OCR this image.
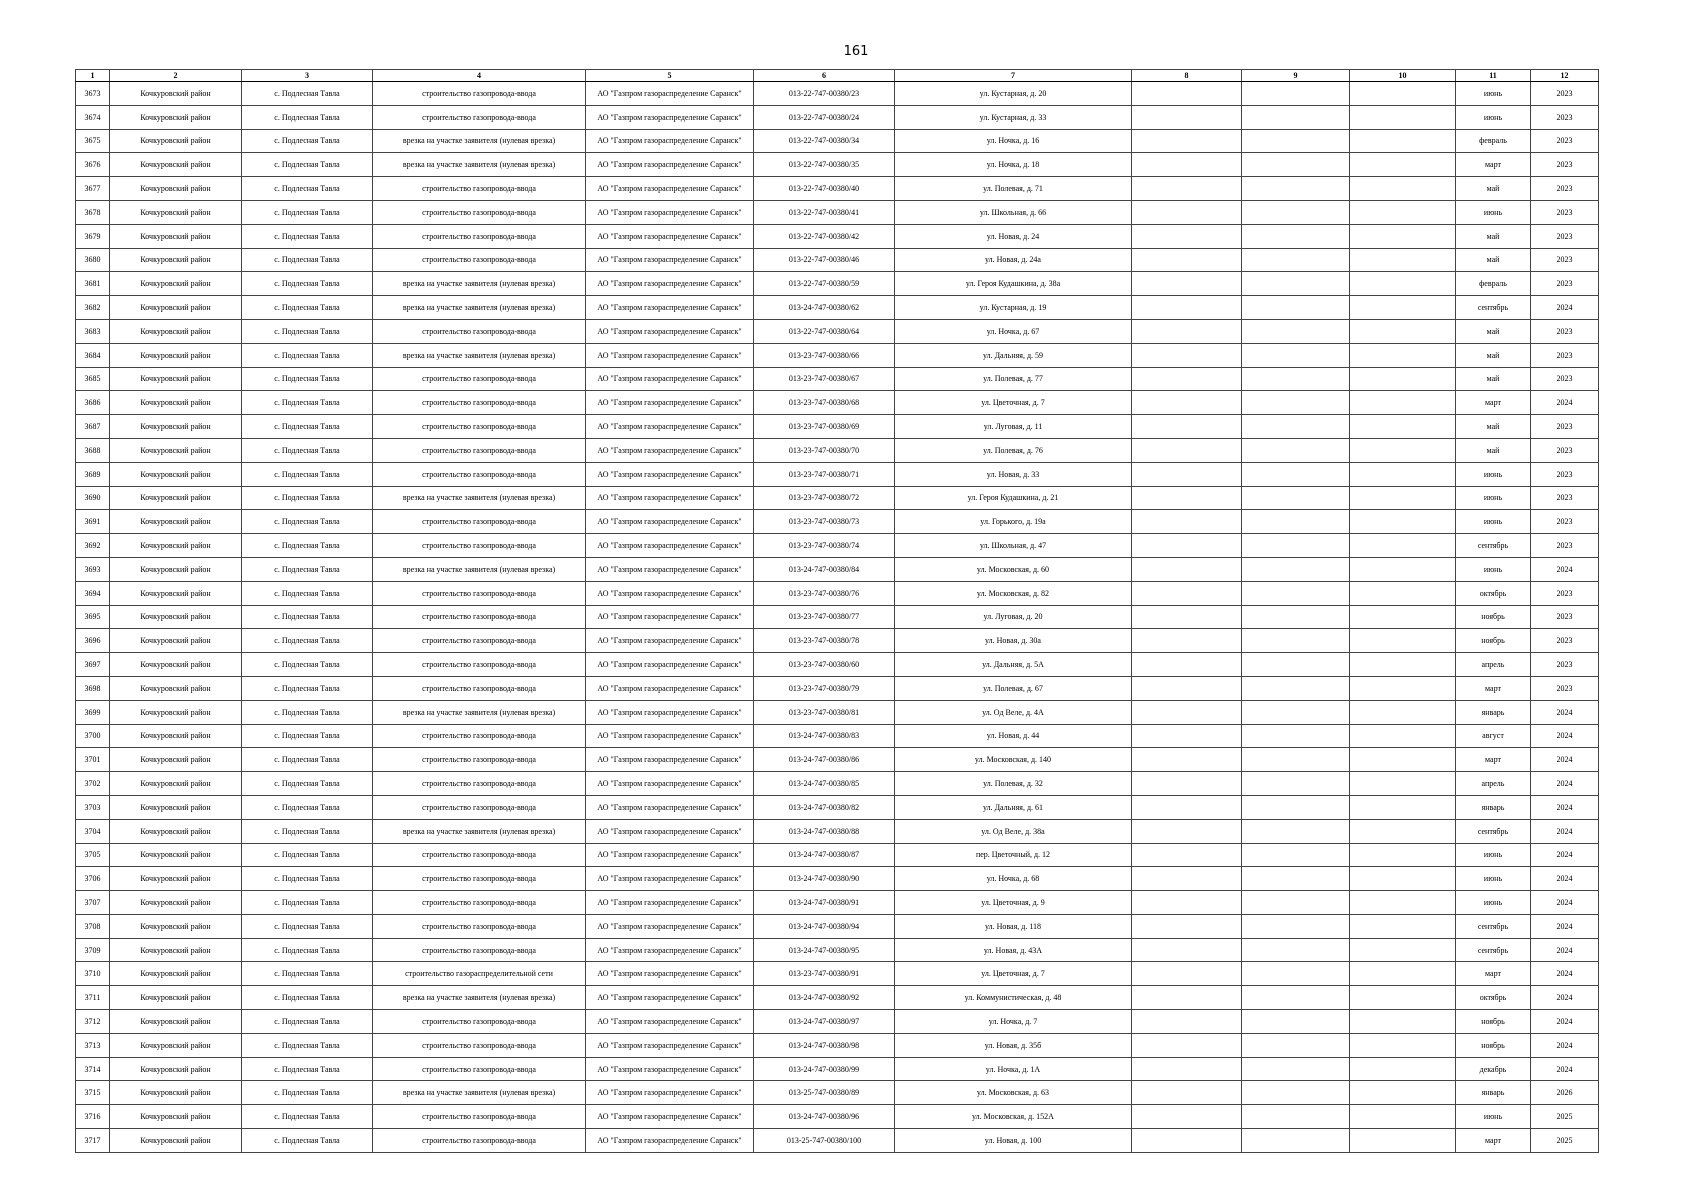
161
1	2	3	4	5	6	7	8	9	10	11	12
3673	Кочкуровский район	с. Подлесная Тавла	строительство газопровода-ввода	АО "Газпром газораспределение Саранск"	013-22-747-00380/23	ул. Кустарная, д. 20				июнь	2023
3674	Кочкуровский район	с. Подлесная Тавла	строительство газопровода-ввода	АО "Газпром газораспределение Саранск"	013-22-747-00380/24	ул. Кустарная, д. 33				июнь	2023
3675	Кочкуровский район	с. Подлесная Тавла	врезка на участке заявителя (нулевая врезка)	АО "Газпром газораспределение Саранск"	013-22-747-00380/34	ул. Ночка, д. 16				февраль	2023
3676	Кочкуровский район	с. Подлесная Тавла	врезка на участке заявителя (нулевая врезка)	АО "Газпром газораспределение Саранск"	013-22-747-00380/35	ул. Ночка, д. 18				март	2023
3677	Кочкуровский район	с. Подлесная Тавла	строительство газопровода-ввода	АО "Газпром газораспределение Саранск"	013-22-747-00380/40	ул. Полевая, д. 71				май	2023
3678	Кочкуровский район	с. Подлесная Тавла	строительство газопровода-ввода	АО "Газпром газораспределение Саранск"	013-22-747-00380/41	ул. Школьная, д. 66				июнь	2023
3679	Кочкуровский район	с. Подлесная Тавла	строительство газопровода-ввода	АО "Газпром газораспределение Саранск"	013-22-747-00380/42	ул. Новая, д. 24				май	2023
3680	Кочкуровский район	с. Подлесная Тавла	строительство газопровода-ввода	АО "Газпром газораспределение Саранск"	013-22-747-00380/46	ул. Новая, д. 24а				май	2023
3681	Кочкуровский район	с. Подлесная Тавла	врезка на участке заявителя (нулевая врезка)	АО "Газпром газораспределение Саранск"	013-22-747-00380/59	ул. Героя Кудашкина, д. 38а				февраль	2023
3682	Кочкуровский район	с. Подлесная Тавла	врезка на участке заявителя (нулевая врезка)	АО "Газпром газораспределение Саранск"	013-24-747-00380/62	ул. Кустарная, д. 19				сентябрь	2024
3683	Кочкуровский район	с. Подлесная Тавла	строительство газопровода-ввода	АО "Газпром газораспределение Саранск"	013-22-747-00380/64	ул. Ночка, д. 67				май	2023
3684	Кочкуровский район	с. Подлесная Тавла	врезка на участке заявителя (нулевая врезка)	АО "Газпром газораспределение Саранск"	013-23-747-00380/66	ул. Дальняя, д. 59				май	2023
3685	Кочкуровский район	с. Подлесная Тавла	строительство газопровода-ввода	АО "Газпром газораспределение Саранск"	013-23-747-00380/67	ул. Полевая, д. 77				май	2023
3686	Кочкуровский район	с. Подлесная Тавла	строительство газопровода-ввода	АО "Газпром газораспределение Саранск"	013-23-747-00380/68	ул. Цветочная, д. 7				март	2024
3687	Кочкуровский район	с. Подлесная Тавла	строительство газопровода-ввода	АО "Газпром газораспределение Саранск"	013-23-747-00380/69	ул. Луговая, д. 11				май	2023
3688	Кочкуровский район	с. Подлесная Тавла	строительство газопровода-ввода	АО "Газпром газораспределение Саранск"	013-23-747-00380/70	ул. Полевая, д. 76				май	2023
3689	Кочкуровский район	с. Подлесная Тавла	строительство газопровода-ввода	АО "Газпром газораспределение Саранск"	013-23-747-00380/71	ул. Новая, д. 33				июнь	2023
3690	Кочкуровский район	с. Подлесная Тавла	врезка на участке заявителя (нулевая врезка)	АО "Газпром газораспределение Саранск"	013-23-747-00380/72	ул. Героя Кудашкина, д. 21				июнь	2023
3691	Кочкуровский район	с. Подлесная Тавла	строительство газопровода-ввода	АО "Газпром газораспределение Саранск"	013-23-747-00380/73	ул. Горького, д. 19а				июнь	2023
3692	Кочкуровский район	с. Подлесная Тавла	строительство газопровода-ввода	АО "Газпром газораспределение Саранск"	013-23-747-00380/74	ул. Школьная, д. 47				сентябрь	2023
3693	Кочкуровский район	с. Подлесная Тавла	врезка на участке заявителя (нулевая врезка)	АО "Газпром газораспределение Саранск"	013-24-747-00380/84	ул. Московская, д. 60				июнь	2024
3694	Кочкуровский район	с. Подлесная Тавла	строительство газопровода-ввода	АО "Газпром газораспределение Саранск"	013-23-747-00380/76	ул. Московская, д. 82				октябрь	2023
3695	Кочкуровский район	с. Подлесная Тавла	строительство газопровода-ввода	АО "Газпром газораспределение Саранск"	013-23-747-00380/77	ул. Луговая, д. 20				ноябрь	2023
3696	Кочкуровский район	с. Подлесная Тавла	строительство газопровода-ввода	АО "Газпром газораспределение Саранск"	013-23-747-00380/78	ул. Новая, д. 30а				ноябрь	2023
3697	Кочкуровский район	с. Подлесная Тавла	строительство газопровода-ввода	АО "Газпром газораспределение Саранск"	013-23-747-00380/60	ул. Дальняя, д. 5А				апрель	2023
3698	Кочкуровский район	с. Подлесная Тавла	строительство газопровода-ввода	АО "Газпром газораспределение Саранск"	013-23-747-00380/79	ул. Полевая, д. 67				март	2023
3699	Кочкуровский район	с. Подлесная Тавла	врезка на участке заявителя (нулевая врезка)	АО "Газпром газораспределение Саранск"	013-23-747-00380/81	ул. Од Веле, д. 4А				январь	2024
3700	Кочкуровский район	с. Подлесная Тавла	строительство газопровода-ввода	АО "Газпром газораспределение Саранск"	013-24-747-00380/83	ул. Новая, д. 44				август	2024
3701	Кочкуровский район	с. Подлесная Тавла	строительство газопровода-ввода	АО "Газпром газораспределение Саранск"	013-24-747-00380/86	ул. Московская, д. 140				март	2024
3702	Кочкуровский район	с. Подлесная Тавла	строительство газопровода-ввода	АО "Газпром газораспределение Саранск"	013-24-747-00380/85	ул. Полевая, д. 32				апрель	2024
3703	Кочкуровский район	с. Подлесная Тавла	строительство газопровода-ввода	АО "Газпром газораспределение Саранск"	013-24-747-00380/82	ул. Дальняя, д. 61				январь	2024
3704	Кочкуровский район	с. Подлесная Тавла	врезка на участке заявителя (нулевая врезка)	АО "Газпром газораспределение Саранск"	013-24-747-00380/88	ул. Од Веле, д. 38а				сентябрь	2024
3705	Кочкуровский район	с. Подлесная Тавла	строительство газопровода-ввода	АО "Газпром газораспределение Саранск"	013-24-747-00380/87	пер. Цветочный, д. 12				июнь	2024
3706	Кочкуровский район	с. Подлесная Тавла	строительство газопровода-ввода	АО "Газпром газораспределение Саранск"	013-24-747-00380/90	ул. Ночка, д. 68				июнь	2024
3707	Кочкуровский район	с. Подлесная Тавла	строительство газопровода-ввода	АО "Газпром газораспределение Саранск"	013-24-747-00380/91	ул. Цветочная, д. 9				июнь	2024
3708	Кочкуровский район	с. Подлесная Тавла	строительство газопровода-ввода	АО "Газпром газораспределение Саранск"	013-24-747-00380/94	ул. Новая, д. 118				сентябрь	2024
3709	Кочкуровский район	с. Подлесная Тавла	строительство газопровода-ввода	АО "Газпром газораспределение Саранск"	013-24-747-00380/95	ул. Новая, д. 43А				сентябрь	2024
3710	Кочкуровский район	с. Подлесная Тавла	строительство газораспределительной сети	АО "Газпром газораспределение Саранск"	013-23-747-00380/91	ул. Цветочная, д. 7				март	2024
3711	Кочкуровский район	с. Подлесная Тавла	врезка на участке заявителя (нулевая врезка)	АО "Газпром газораспределение Саранск"	013-24-747-00380/92	ул. Коммунистическая, д. 48				октябрь	2024
3712	Кочкуровский район	с. Подлесная Тавла	строительство газопровода-ввода	АО "Газпром газораспределение Саранск"	013-24-747-00380/97	ул. Ночка, д. 7				ноябрь	2024
3713	Кочкуровский район	с. Подлесная Тавла	строительство газопровода-ввода	АО "Газпром газораспределение Саранск"	013-24-747-00380/98	ул. Новая, д. 35б				ноябрь	2024
3714	Кочкуровский район	с. Подлесная Тавла	строительство газопровода-ввода	АО "Газпром газораспределение Саранск"	013-24-747-00380/99	ул. Ночка, д. 1А				декабрь	2024
3715	Кочкуровский район	с. Подлесная Тавла	врезка на участке заявителя (нулевая врезка)	АО "Газпром газораспределение Саранск"	013-25-747-00380/89	ул. Московская, д. 63				январь	2026
3716	Кочкуровский район	с. Подлесная Тавла	строительство газопровода-ввода	АО "Газпром газораспределение Саранск"	013-24-747-00380/96	ул. Московская, д. 152А				июнь	2025
3717	Кочкуровский район	с. Подлесная Тавла	строительство газопровода-ввода	АО "Газпром газораспределение Саранск"	013-25-747-00380/100	ул. Новая, д. 100				март	2025
